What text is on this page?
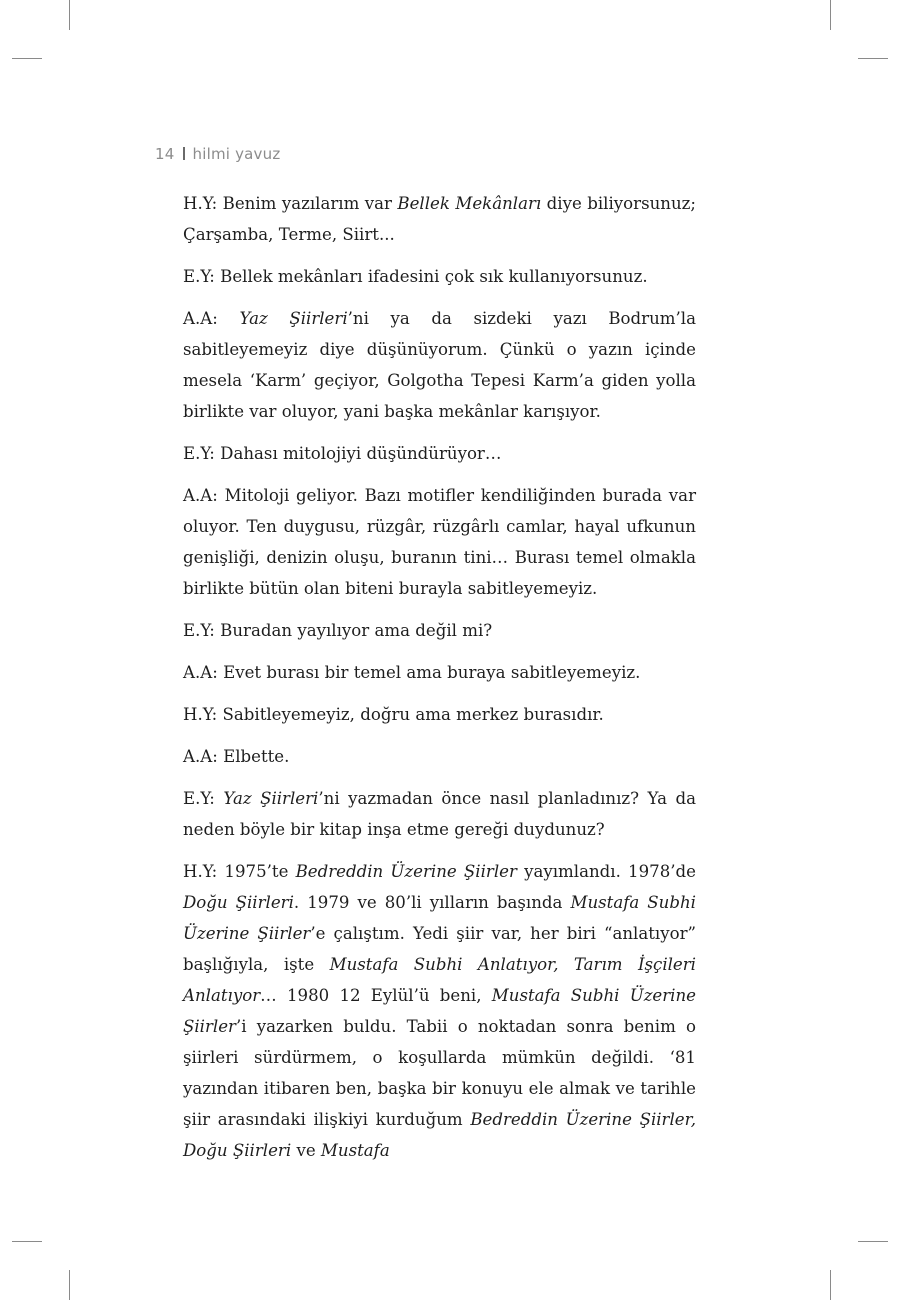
14 hilmi yavuz

H.Y: Benim yazılarım var Bellek Mekânları diye biliyorsunuz; Çarşamba, Terme, Siirt...

E.Y: Bellek mekânları ifadesini çok sık kullanıyorsunuz.

A.A: Yaz Şiirleri’ni ya da sizdeki yazı Bodrum’la sabitleyemeyiz diye düşünüyorum. Çünkü o yazın içinde mesela ‘Karm’ geçiyor, Golgotha Tepesi Karm’a giden yolla birlikte var oluyor, yani başka mekânlar karışıyor.

E.Y: Dahası mitolojiyi düşündürüyor…

A.A: Mitoloji geliyor. Bazı motifler kendiliğinden burada var oluyor. Ten duygusu, rüzgâr, rüzgârlı camlar, hayal ufkunun genişliği, denizin oluşu, buranın tini… Burası temel olmakla birlikte bütün olan biteni burayla sabitleyemeyiz.

E.Y: Buradan yayılıyor ama değil mi?

A.A: Evet burası bir temel ama buraya sabitleyemeyiz.

H.Y: Sabitleyemeyiz, doğru ama merkez burasıdır.

A.A: Elbette.

E.Y: Yaz Şiirleri’ni yazmadan önce nasıl planladınız? Ya da neden böyle bir kitap inşa etme gereği duydunuz?

H.Y: 1975’te Bedreddin Üzerine Şiirler yayımlandı. 1978’de Doğu Şiirleri. 1979 ve 80’li yılların başında Mustafa Subhi Üzerine Şiirler’e çalıştım. Yedi şiir var, her biri “anlatıyor” başlığıyla, işte Mustafa Subhi Anlatıyor, Tarım İşçileri Anlatıyor… 1980 12 Eylül’ü beni, Mustafa Subhi Üzerine Şiirler’i yazarken buldu. Tabii o noktadan sonra benim o şiirleri sürdürmem, o koşullarda mümkün değildi. ‘81 yazından itibaren ben, başka bir konuyu ele almak ve tarihle şiir arasındaki ilişkiyi kurduğum Bedreddin Üzerine Şiirler, Doğu Şiirleri ve Mustafa
